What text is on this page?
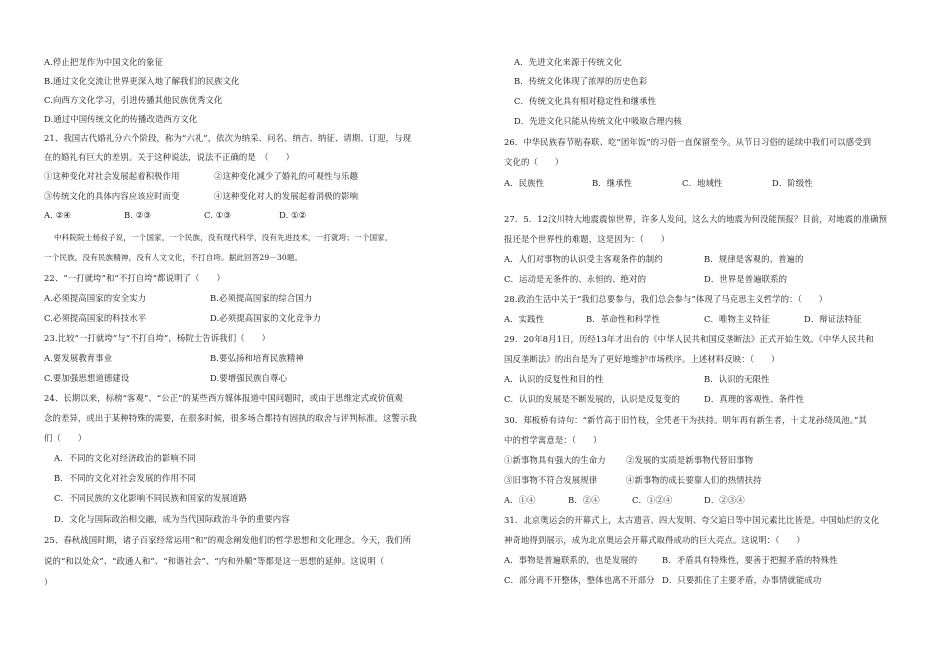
A.停止把龙作为中国文化的象征
B.通过文化交流让世界更深入地了解我们的民族文化
C.向西方文化学习，引进传播其他民族优秀文化
D.通过中国传统文化的传播改造西方文化
21、我国古代婚礼分六个阶段，称为“六礼”，依次为纳采、问名、纳吉、纳征、请期、订迎，与现
在的婚礼有巨大的差别。关于这种说法，说法不正确的是　（　　）
①这种变化对社会发展起着积极作用	②这种变化减少了婚礼的可观性与乐趣
③传统文化的具体内容应该应时而变	④这种变化对人的发展起着消极的影响
A. ②④	B. ②③	C. ①③	D. ①②
中科院院士杨叔子说，一个国家，一个民族，没有现代科学，没有先进技术，一打就垮；一个国家，
一个民族，没有民族精神，没有人文文化，不打自垮。据此回答29－30题。
22、“一打就垮”和“不打自垮”都说明了（　　）
A.必须提高国家的安全实力	B.必须提高国家的综合国力
C.必须提高国家的科技水平	D.必须提高国家的文化竞争力
23.比较“一打就垮”与“不打自垮”，杨院士告诉我们（　　）
A.要发展教育事业	B.要弘扬和培育民族精神
C.要加强思想道德建设	D.要增强民族自尊心
24、长期以来，标榜“客观”、“公正”的某些西方媒体报道中国问题时，或由于思维定式或价值观
念的差异，或出于某种特殊的需要，在很多时候，很多场合都持有固执的取舍与评判标准。这警示我
们（　　）
A．不同的文化对经济政治的影响不同
B．不同的文化对社会发展的作用不同
C．不同民族的文化影响不同民族和国家的发展道路
D．文化与国际政治相交融，成为当代国际政治斗争的重要内容
25、春秋战国时期，诸子百家经常运用“和”的观念阐发他们的哲学思想和文化理念。今天，我们所
说的“和以处众”、“政通人和”、“和谐社会”、“内和外顺”等都是这一思想的延伸。这说明（
）
A．先进文化来源于传统文化
B．传统文化体现了浓厚的历史色彩
C．传统文化具有相对稳定性和继承性
D．先进文化只能从传统文化中吸取合理内核
26．中华民族春节贴春联、吃“团年饭”的习俗一直保留至今。从节日习俗的延续中我们可以感受到
文化的（　　）
A．民族性	B．继承性	C．地域性	D．阶级性
27．5．12汶川特大地震震惊世界，许多人发问，这么大的地震为何没能预报？目前，对地震的准确预
报还是个世界性的难题，这是因为：（　　）
A．人们对事物的认识受主客观条件的制约	B．规律是客观的、普遍的
C．运动是无条件的、永恒的、绝对的	D．世界是普遍联系的
28.政治生活中关于“我们总要参与，我们总会参与”体现了马克思主义哲学的：（　　）
A．实践性	B．革命性和科学性	C．唯物主义特征	D．辩证法特征
29．20年8月1日，历经13年才出台的《中华人民共和国反垄断法》正式开始生效。《中华人民共和
国反垄断法》的出台是为了更好地维护市场秩序。上述材料反映：（　　）
A．认识的反复性和目的性	B．认识的无限性
C．认识的发展是不断发展的，认识是反复变的	D．真理的客观性、条件性
30．郑板桥有诗句：“新竹高于旧竹枝，全凭老干为扶持。明年再有新生者，十丈龙孙绕凤池。”其
中的哲学寓意是：（　　）
①新事物具有强大的生命力 ②发展的实质是新事物代替旧事物
③旧事物不符合发展规律	④新事物的成长要靠人们的热情扶持
A．①④	B．②④	C．①②④	D．②③④
31．北京奥运会的开幕式上，太古遗音、四大发明、夸父追日等中国元素比比皆是。中国灿烂的文化
神奇地得到展示，成为北京奥运会开幕式取得成功的巨大亮点。这说明：（　　）
A．事物是普遍联系的，也是发展的	B．矛盾具有特殊性，要善于把握矛盾的特殊性
C．部分离不开整体，整体也离不开部分 D．只要抓住了主要矛盾，办事情就能成功
